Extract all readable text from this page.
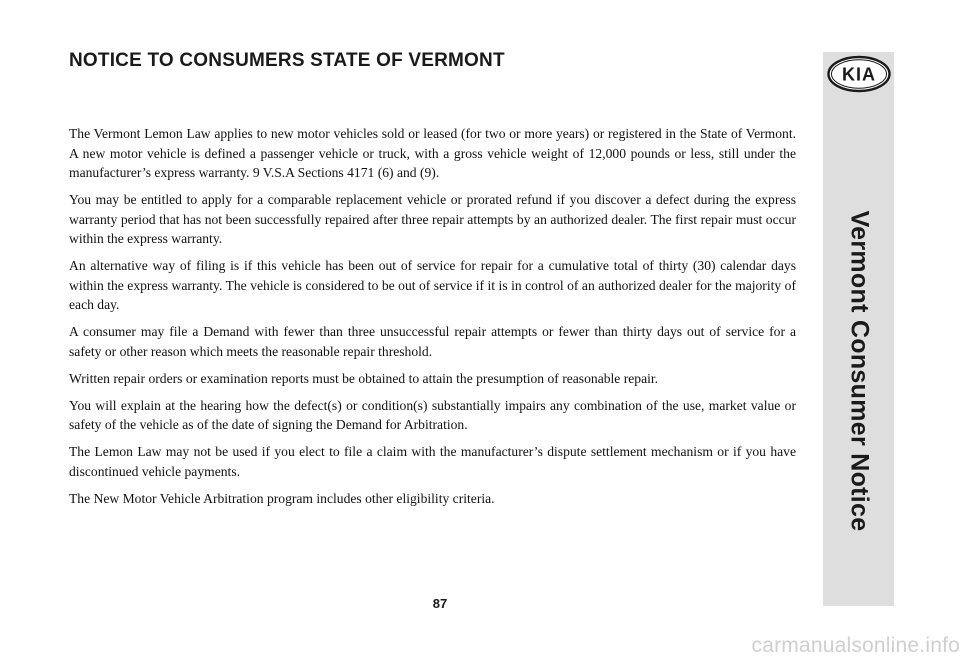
NOTICE TO CONSUMERS STATE OF VERMONT

The Vermont Lemon Law applies to new motor vehicles sold or leased (for two or more years) or registered in the State of Vermont. A new motor vehicle is defined a passenger vehicle or truck, with a gross vehicle weight of 12,000 pounds or less, still under the manufacturer’s express warranty. 9 V.S.A Sections 4171 (6) and (9).

You may be entitled to apply for a comparable replacement vehicle or prorated refund if you discover a defect during the express warranty period that has not been successfully repaired after three repair attempts by an authorized dealer. The first repair must occur within the express warranty.

An alternative way of filing is if this vehicle has been out of service for repair for a cumulative total of thirty (30) calendar days within the express warranty. The vehicle is considered to be out of service if it is in control of an authorized dealer for the majority of each day.

A consumer may file a Demand with fewer than three unsuccessful repair attempts or fewer than thirty days out of service for a safety or other reason which meets the reasonable repair threshold.

Written repair orders or examination reports must be obtained to attain the presumption of reasonable repair.

You will explain at the hearing how the defect(s) or condition(s) substantially impairs any combination of the use, market value or safety of the vehicle as of the date of signing the Demand for Arbitration.

The Lemon Law may not be used if you elect to file a claim with the manufacturer’s dispute settlement mechanism or if you have discontinued vehicle payments.

The New Motor Vehicle Arbitration program includes other eligibility criteria.

87
KIA
Vermont Consumer Notice
carmanualsonline.info
